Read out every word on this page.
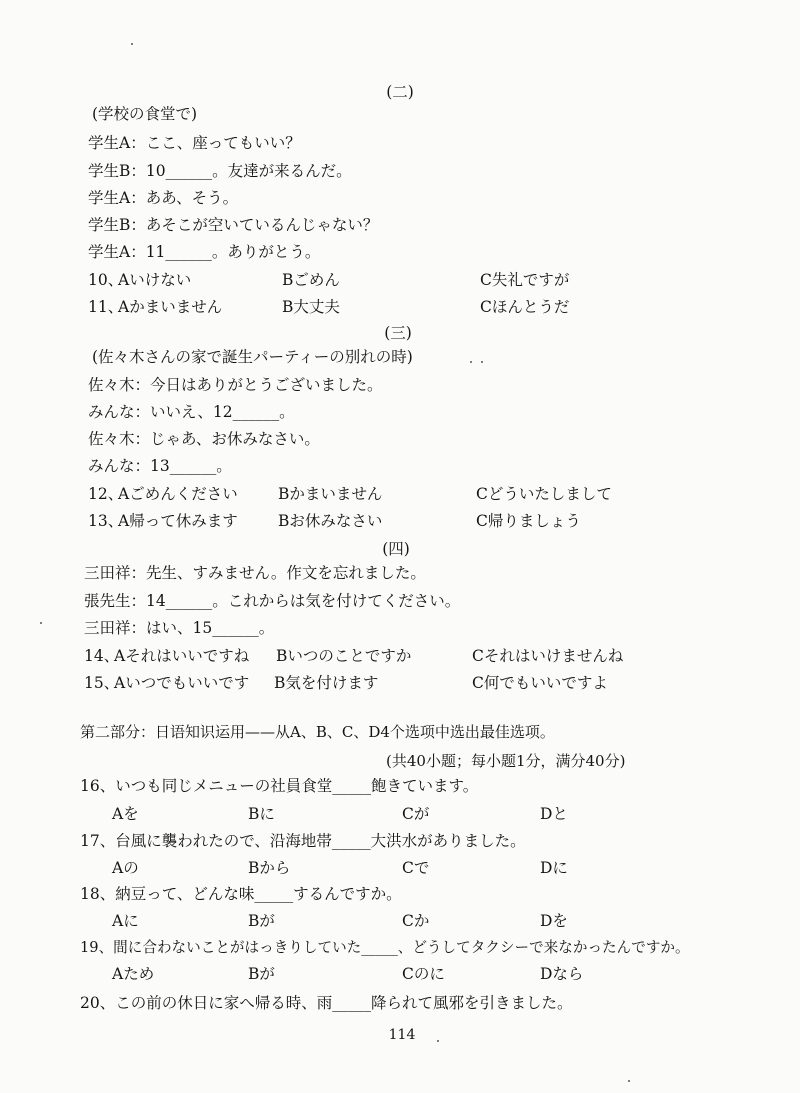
(二)
(学校の食堂で)
学生A：ここ、座ってもいい？
学生B：10______。友達が来るんだ。
学生A：ああ、そう。
学生B：あそこが空いているんじゃない？
学生A：11______。ありがとう。
10、
Aいけない	Bごめん	C失礼ですが
11、
Aかまいません	B大丈夫	Cほんとうだ
(三)
(佐々木さんの家で誕生パーティーの別れの時)
佐々木：今日はありがとうございました。
みんな：いいえ、12______。
佐々木：じゃあ、お休みなさい。
みんな：13______。
12、
Aごめんください	Bかまいません	Cどういたしまして
13、
A帰って休みます	Bお休みなさい	C帰りましょう
(四)
三田祥：先生、すみません。作文を忘れました。
張先生：14______。これからは気を付けてください。
三田祥：はい、15______。
14、
Aそれはいいですね Bいつのことですか	Cそれはいけませんね
15、
Aいつでもいいです B気を付けます	C何でもいいですよ
第二部分：日语知识运用——从A、B、C、D4个选项中选出最佳选项。
(共40小题；每小题1分，满分40分)
16、いつも同じメニューの社員食堂_____飽きています。
Aを	Bに	Cが	Dと
17、台風に襲われたので、沿海地帯_____大洪水がありました。
Aの	Bから	Cで	Dに
18、納豆って、どんな味_____するんですか。
Aに	Bが	Cか	Dを
19、間に合わないことがはっきりしていた_____、どうしてタクシーで来なかったんですか。
Aため	Bが	Cのに	Dなら
20、この前の休日に家へ帰る時、雨_____降られて風邪を引きました。
114
